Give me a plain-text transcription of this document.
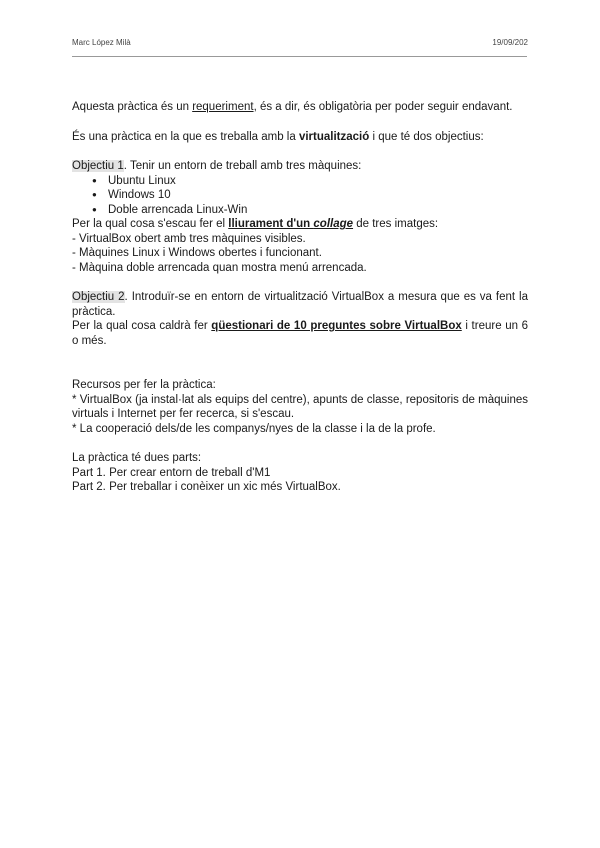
Marc López Milà	19/09/202

Aquesta pràctica és un requeriment, és a dir, és obligatòria per poder seguir endavant.

És una pràctica en la que es treballa amb la virtualització i que té dos objectius:

Objectiu 1. Tenir un entorn de treball amb tres màquines:

● Ubuntu Linux
● Windows 10
● Doble arrencada Linux-Win

Per la qual cosa s'escau fer el lliurament d'un collage de tres imatges:

- VirtualBox obert amb tres màquines visibles.

- Màquines Linux i Windows obertes i funcionant.

- Màquina doble arrencada quan mostra menú arrencada.

Objectiu 2. Introduïr-se en entorn de virtualització VirtualBox a mesura que es va fent la pràctica.

Per la qual cosa caldrà fer qüestionari de 10 preguntes sobre VirtualBox i treure un 6 o més.

Recursos per fer la pràctica:

* VirtualBox (ja instal·lat als equips del centre), apunts de classe, repositoris de màquines virtuals i Internet per fer recerca, si s'escau.

* La cooperació dels/de les companys/nyes de la classe i la de la profe.

La pràctica té dues parts:

Part 1. Per crear entorn de treball d'M1

Part 2. Per treballar i conèixer un xic més VirtualBox.
